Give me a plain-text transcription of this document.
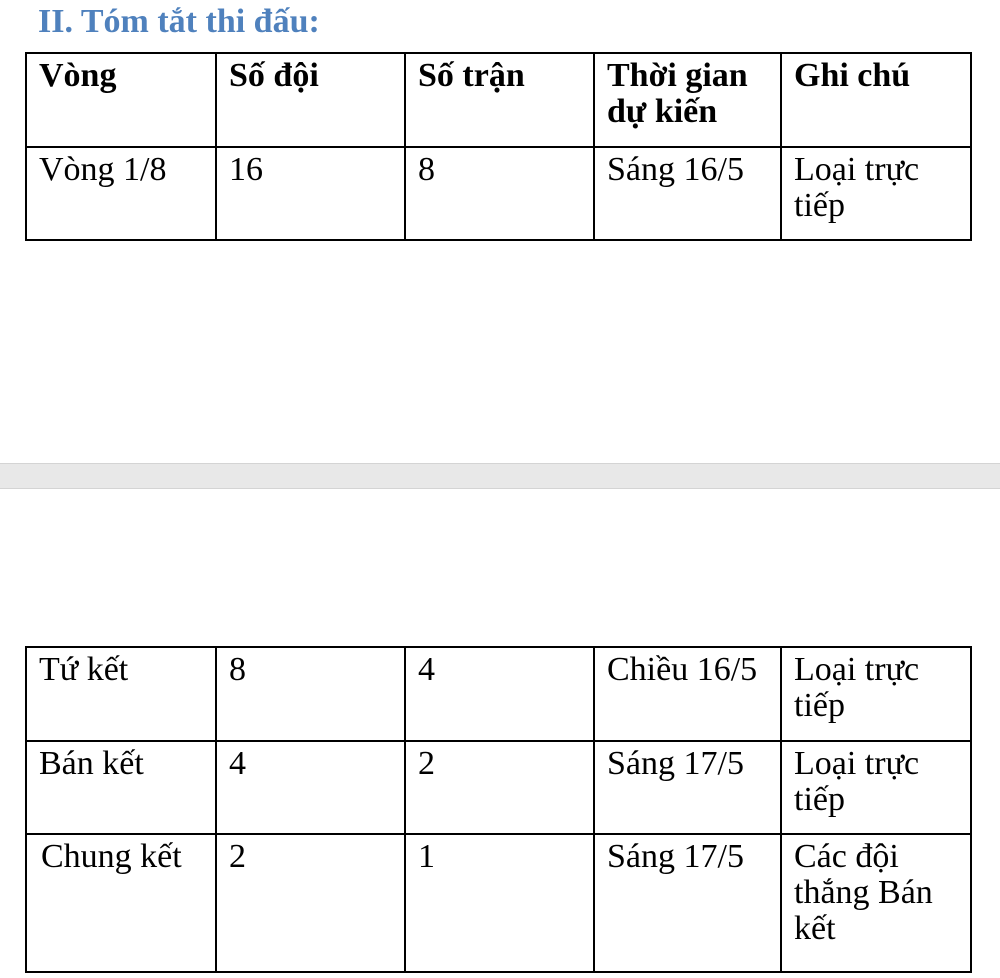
II. Tóm tắt thi đấu:
Vòng	Số đội	Số trận	Thời gian dự kiến	Ghi chú
Vòng 1/8	16	8	Sáng 16/5	Loại trực tiếp
Tứ kết	8	4	Chiều 16/5	Loại trực tiếp
Bán kết	4	2	Sáng 17/5	Loại trực tiếp
Chung kết	2	1	Sáng 17/5	Các đội thắng Bán kết
